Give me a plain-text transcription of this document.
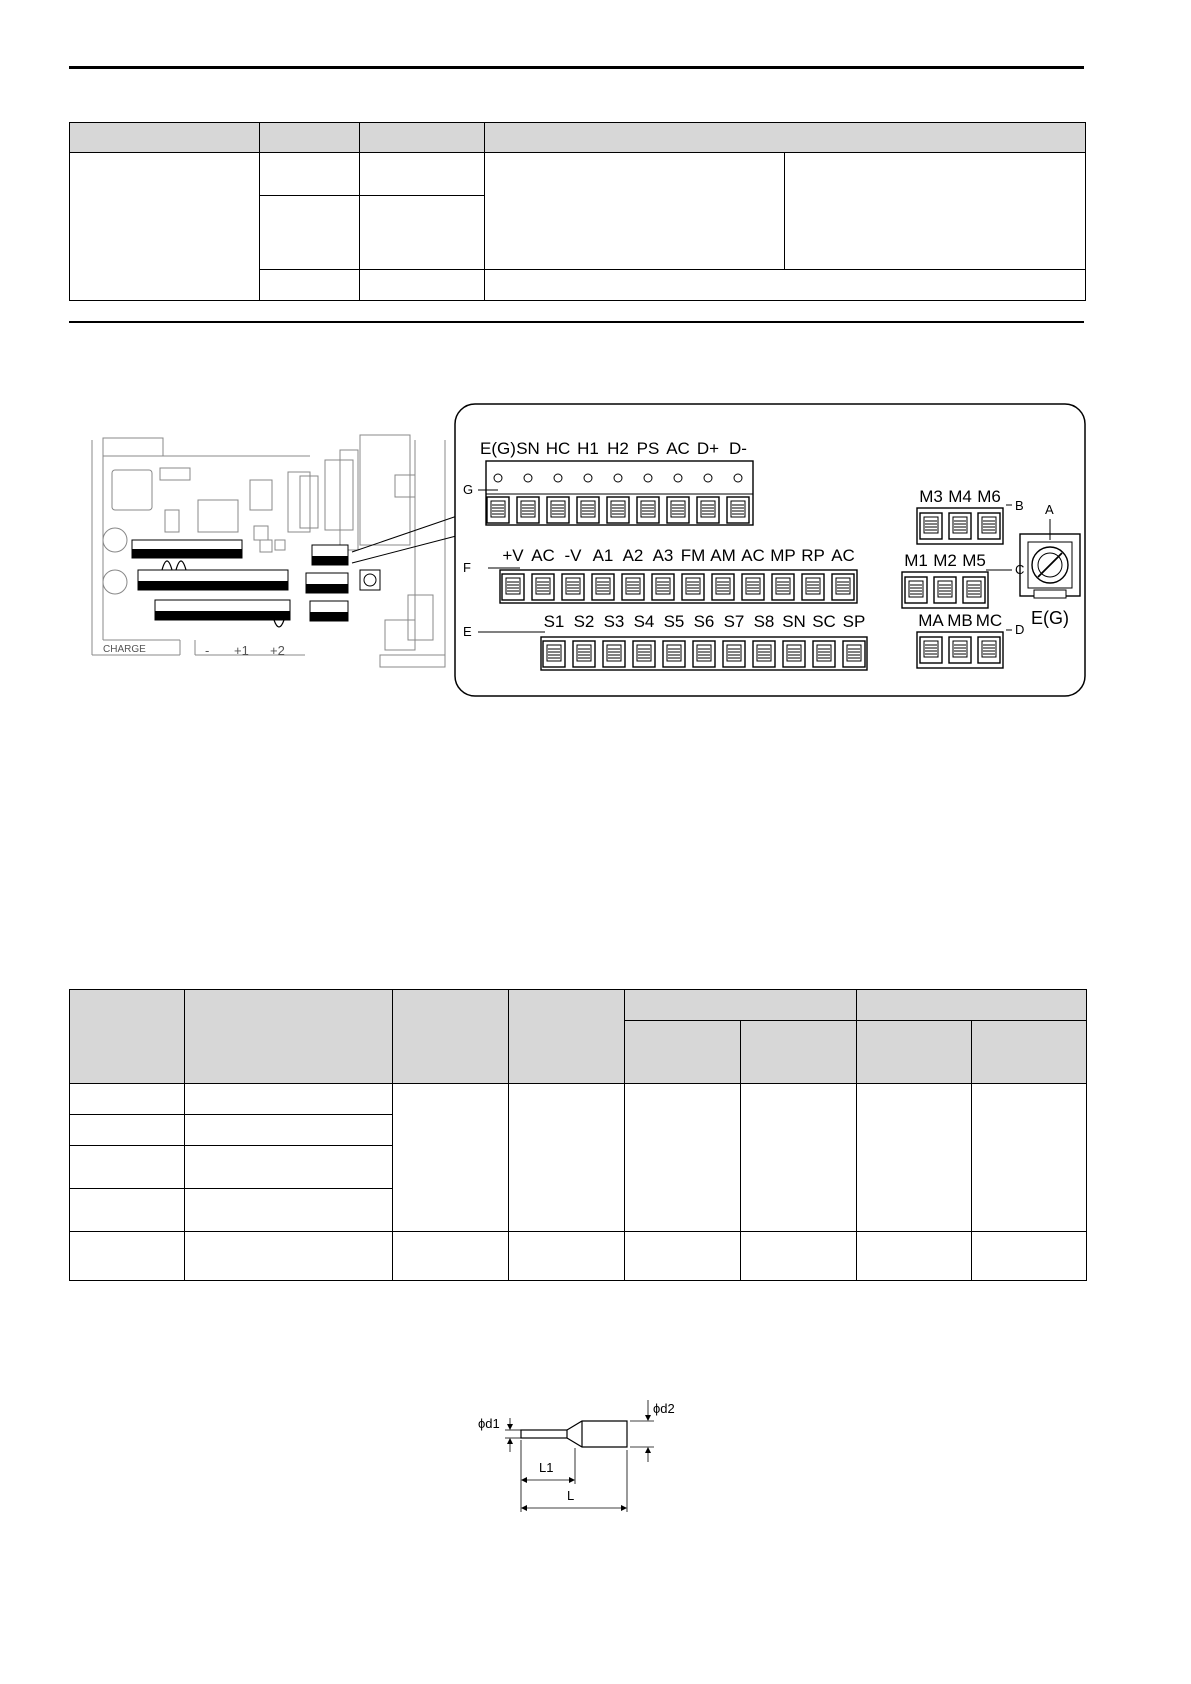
CHARGE	- +1 +2
E(G) SN HC H1 H2 PS AC D+ D-
+V AC -V A1 A2 A3 FM AM AC MP RP AC
S1 S2 S3 S4 S5 S6 S7 S8 SN SC SP
M3 M4 M6
M1 M2 M5
MA MB MC E(G)
G
F
E
B
C
D
A
ϕd1
ϕd2
L1
L
